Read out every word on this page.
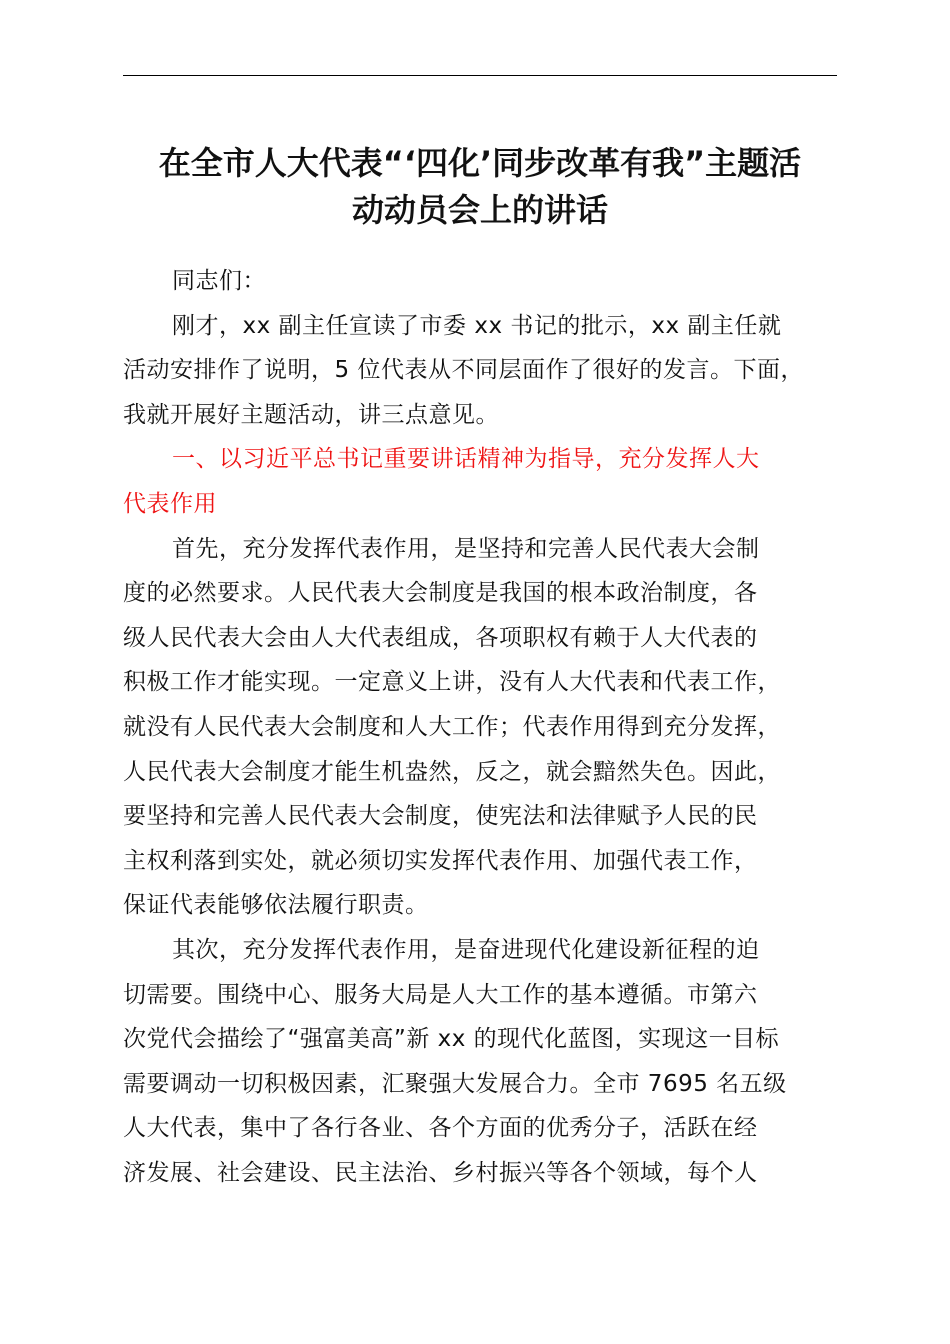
在全市人大代表“‘四化’同步改革有我”主题活
动动员会上的讲话
同志们：
刚才，xx 副主任宣读了市委 xx 书记的批示，xx 副主任就
活动安排作了说明，5 位代表从不同层面作了很好的发言。下面，
我就开展好主题活动，讲三点意见。
一、以习近平总书记重要讲话精神为指导，充分发挥人大
代表作用
首先，充分发挥代表作用，是坚持和完善人民代表大会制
度的必然要求。人民代表大会制度是我国的根本政治制度，各
级人民代表大会由人大代表组成，各项职权有赖于人大代表的
积极工作才能实现。一定意义上讲，没有人大代表和代表工作，
就没有人民代表大会制度和人大工作；代表作用得到充分发挥，
人民代表大会制度才能生机盎然，反之，就会黯然失色。因此，
要坚持和完善人民代表大会制度，使宪法和法律赋予人民的民
主权利落到实处，就必须切实发挥代表作用、加强代表工作，
保证代表能够依法履行职责。
其次，充分发挥代表作用，是奋进现代化建设新征程的迫
切需要。围绕中心、服务大局是人大工作的基本遵循。市第六
次党代会描绘了“强富美高”新 xx 的现代化蓝图，实现这一目标
需要调动一切积极因素，汇聚强大发展合力。全市 7695 名五级
人大代表，集中了各行各业、各个方面的优秀分子，活跃在经
济发展、社会建设、民主法治、乡村振兴等各个领域，每个人
